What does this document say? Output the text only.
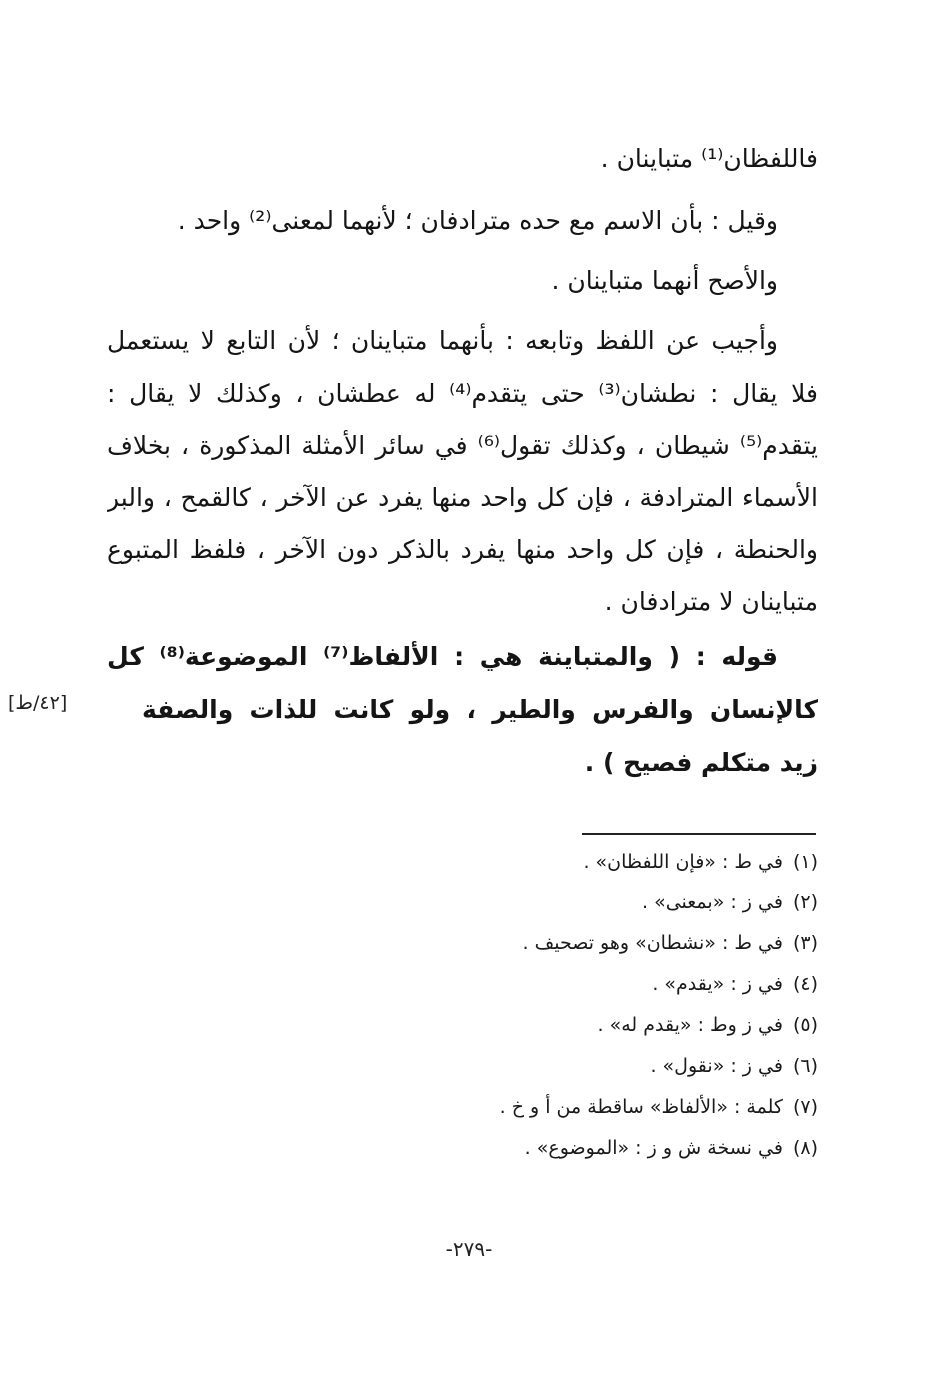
فاللفظان⁽¹⁾ متباينان .
وقيل : بأن الاسم مع حده مترادفان ؛ لأنهما لمعنى⁽²⁾ واحد .
والأصح أنهما متباينان .
وأجيب عن اللفظ وتابعه : بأنهما متباينان ؛ لأن التابع لا يستعمل
فلا يقال : نطشان⁽³⁾ حتى يتقدم⁽⁴⁾ له عطشان ، وكذلك لا يقال :
يتقدم⁽⁵⁾ شيطان ، وكذلك تقول⁽⁶⁾ في سائر الأمثلة المذكورة ، بخلاف
الأسماء المترادفة ، فإن كل واحد منها يفرد عن الآخر ، كالقمح ، والبر
والحنطة ، فإن كل واحد منها يفرد بالذكر دون الآخر ، فلفظ المتبوع
متباينان لا مترادفان .
قوله : ( والمتباينة هي : الألفاظ⁽⁷⁾ الموضوعة⁽⁸⁾ كل
كالإنسان والفرس والطير ، ولو كانت للذات والصفة
زيد متكلم فصيح ) .
[٤٢/ط]
(١)في ط : «فإن اللفظان» .
(٢)في ز : «بمعنى» .
(٣)في ط : «نشطان» وهو تصحيف .
(٤)في ز : «يقدم» .
(٥)في ز وط : «يقدم له» .
(٦)في ز : «نقول» .
(٧)كلمة : «الألفاظ» ساقطة من أ و خ .
(٨)في نسخة ش و ز : «الموضوع» .
-٢٧٩-
